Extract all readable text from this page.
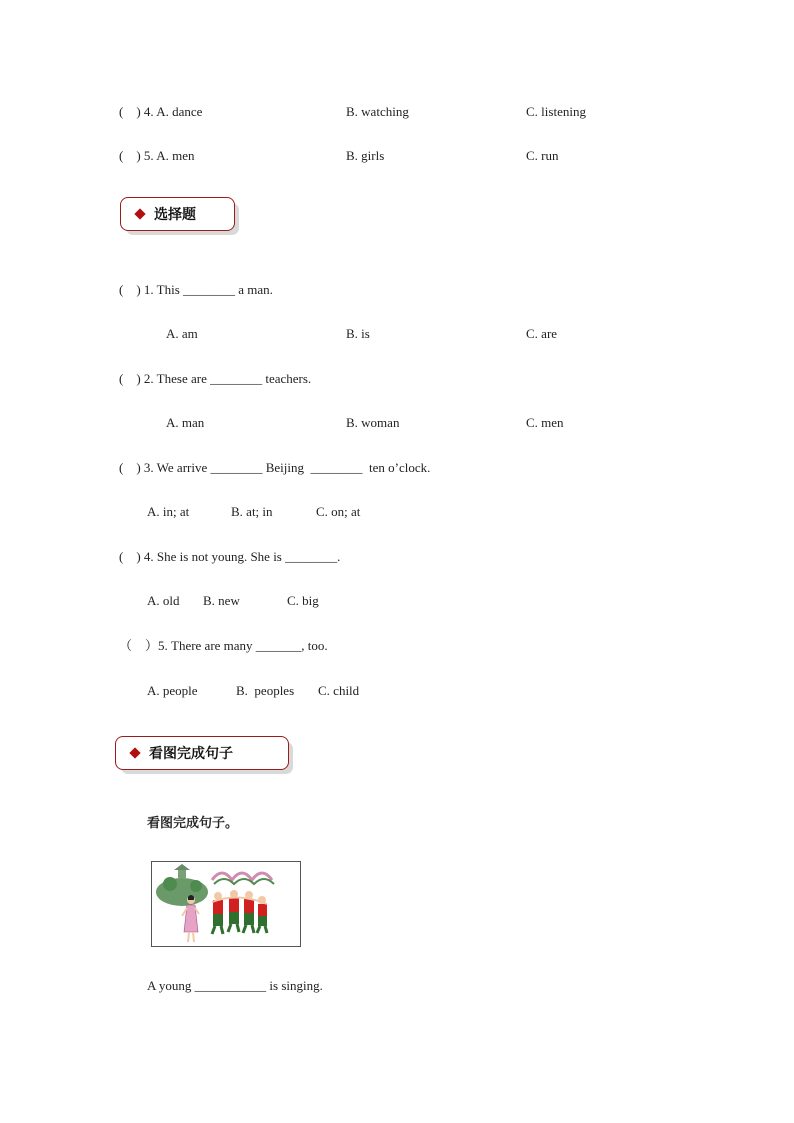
(    ) 4. A. dance	B. watching	C. listening
(    ) 5. A. men	B. girls	C. run
选择题
(    ) 1. This ________ a man.
A. am	B. is	C. are
(    ) 2. These are ________ teachers.
A. man	B. woman	C. men
(    ) 3. We arrive ________ Beijing  ________  ten o’clock.
A. in; at	B. at; in	C. on; at
(    ) 4. She is not young. She is ________.
A. old B. new	C. big
（    ）5. There are many _______, too.
A. people	B.  peoples C. child
看图完成句子
看图完成句子。
A young ___________ is singing.
